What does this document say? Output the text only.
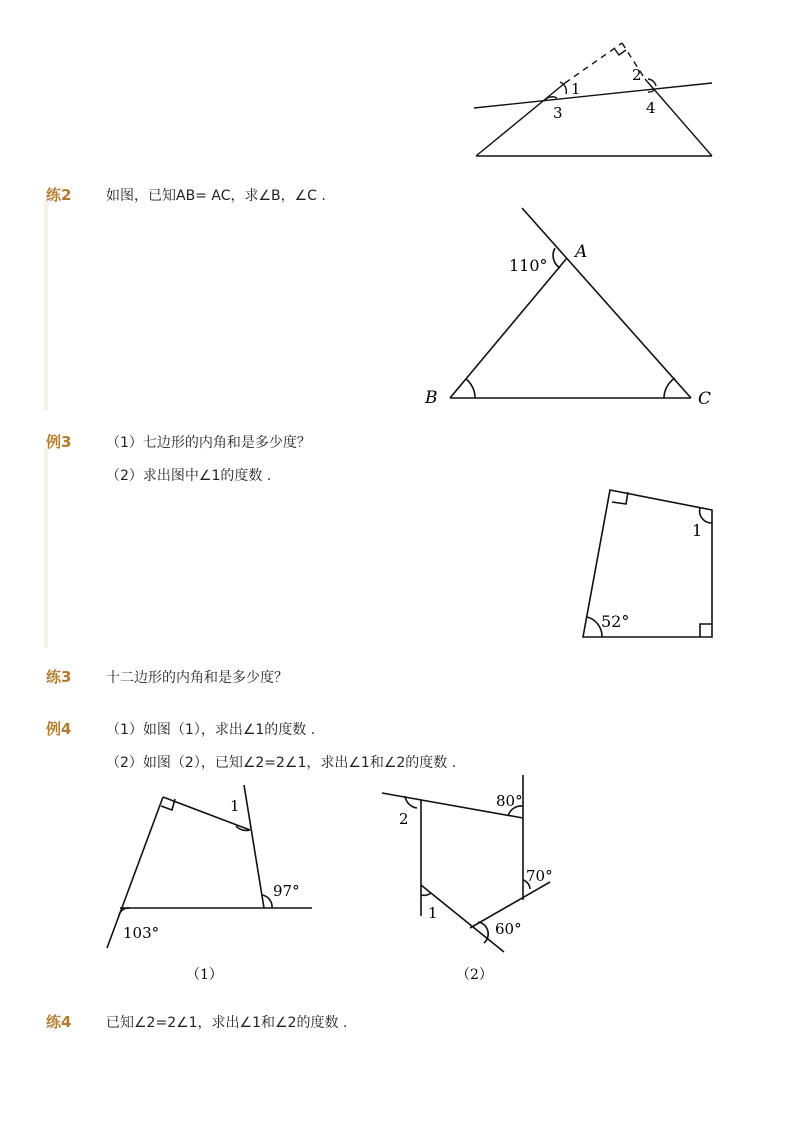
1
2
3	4
练2 如图，已知AB= AC，求∠B，∠C .
A
B	C
110°
例3 （1）七边形的内角和是多少度？
（2）求出图中∠1的度数 .
1
52°
练3 十二边形的内角和是多少度？
例4 （1）如图（1），求出∠1的度数 .
（2）如图（2），已知∠2=2∠1，求出∠1和∠2的度数 .
1
97°
103°
（1）
80°
2
70°
1
60°
（2）
练4 已知∠2=2∠1，求出∠1和∠2的度数 .
